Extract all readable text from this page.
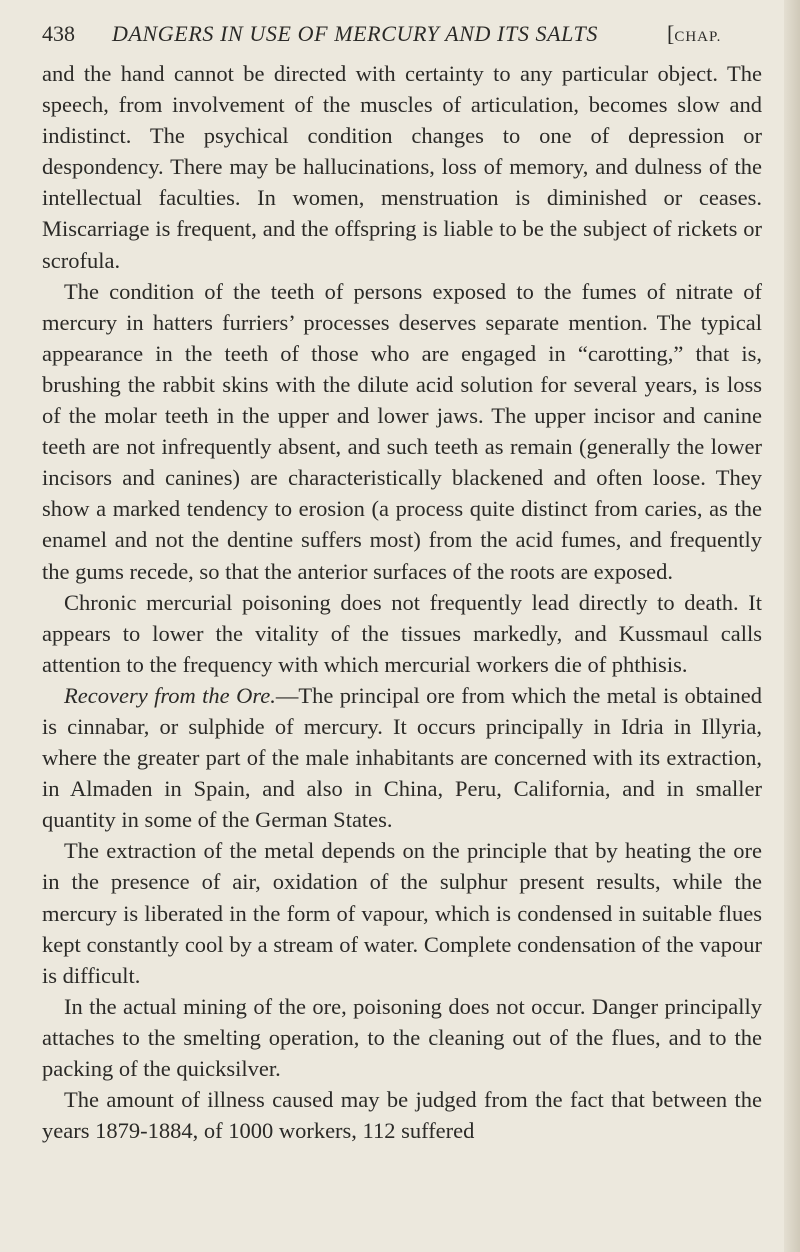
438 DANGERS IN USE OF MERCURY AND ITS SALTS	[CHAP.

and the hand cannot be directed with certainty to any particular object. The speech, from involvement of the muscles of articulation, becomes slow and indistinct. The psychical condition changes to one of depression or despondency. There may be hallucinations, loss of memory, and dulness of the intellectual faculties. In women, menstruation is diminished or ceases. Miscarriage is frequent, and the offspring is liable to be the subject of rickets or scrofula.

The condition of the teeth of persons exposed to the fumes of nitrate of mercury in hatters furriers’ processes deserves separate mention. The typical appearance in the teeth of those who are engaged in “carotting,” that is, brushing the rabbit skins with the dilute acid solution for several years, is loss of the molar teeth in the upper and lower jaws. The upper incisor and canine teeth are not infrequently absent, and such teeth as remain (generally the lower incisors and canines) are characteristically blackened and often loose. They show a marked tendency to erosion (a process quite distinct from caries, as the enamel and not the dentine suffers most) from the acid fumes, and frequently the gums recede, so that the anterior surfaces of the roots are exposed.

Chronic mercurial poisoning does not frequently lead directly to death. It appears to lower the vitality of the tissues markedly, and Kussmaul calls attention to the frequency with which mercurial workers die of phthisis.

Recovery from the Ore.—The principal ore from which the metal is obtained is cinnabar, or sulphide of mercury. It occurs principally in Idria in Illyria, where the greater part of the male inhabitants are concerned with its extraction, in Almaden in Spain, and also in China, Peru, California, and in smaller quantity in some of the German States.

The extraction of the metal depends on the principle that by heating the ore in the presence of air, oxidation of the sulphur present results, while the mercury is liberated in the form of vapour, which is condensed in suitable flues kept constantly cool by a stream of water. Complete condensation of the vapour is difficult.

In the actual mining of the ore, poisoning does not occur. Danger principally attaches to the smelting operation, to the cleaning out of the flues, and to the packing of the quicksilver.

The amount of illness caused may be judged from the fact that between the years 1879-1884, of 1000 workers, 112 suffered
